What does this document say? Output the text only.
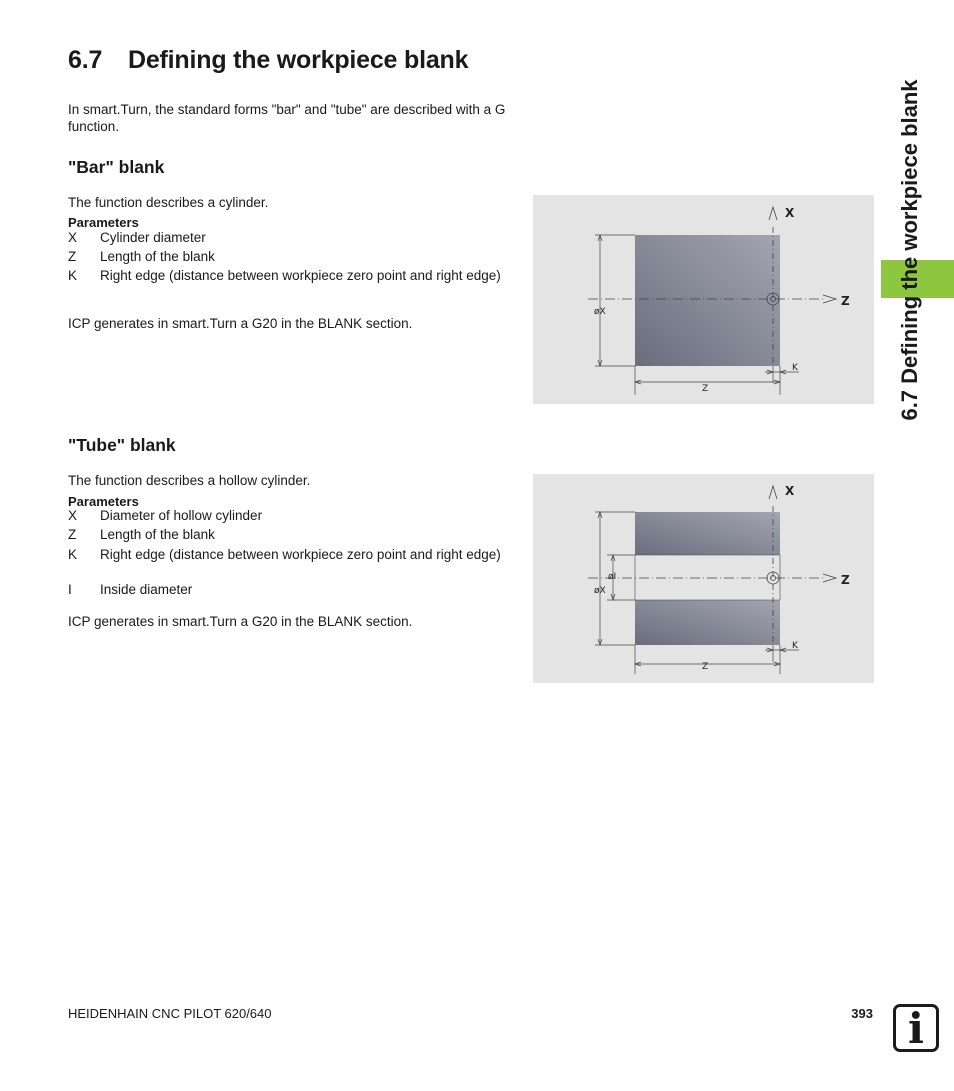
6.7 Defining the workpiece blank

In smart.Turn, the standard forms "bar" and "tube" are described with a G function.

"Bar" blank

The function describes a cylinder.

Parameters
X Cylinder diameter
Z Length of the blank
K Right edge (distance between workpiece zero point and right edge)

ICP generates in smart.Turn a G20 in the BLANK section.

X
Z
øX
Z
K
"Tube" blank

The function describes a hollow cylinder.

Parameters
X Diameter of hollow cylinder
Z Length of the blank
K Right edge (distance between workpiece zero point and right edge)
I Inside diameter

ICP generates in smart.Turn a G20 in the BLANK section.

X
Z
øI
øX
Z
K
6.7 Defining the workpiece blank
HEIDENHAIN CNC PILOT 620/640	393 i
